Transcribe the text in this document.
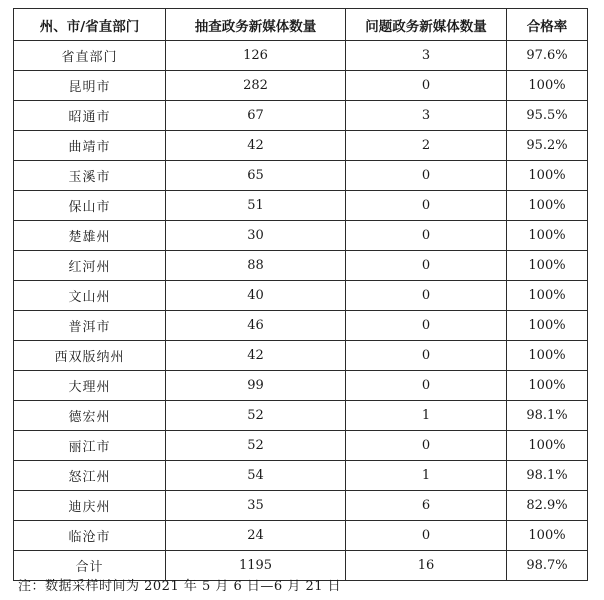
州、市/省直部门	抽查政务新媒体数量	问题政务新媒体数量	合格率
省直部门	126	3	97.6%
昆明市	282	0	100%
昭通市	67	3	95.5%
曲靖市	42	2	95.2%
玉溪市	65	0	100%
保山市	51	0	100%
楚雄州	30	0	100%
红河州	88	0	100%
文山州	40	0	100%
普洱市	46	0	100%
西双版纳州	42	0	100%
大理州	99	0	100%
德宏州	52	1	98.1%
丽江市	52	0	100%
怒江州	54	1	98.1%
迪庆州	35	6	82.9%
临沧市	24	0	100%
合计	1195	16	98.7%
注：数据采样时间为 2021 年 5 月 6 日—6 月 21 日
